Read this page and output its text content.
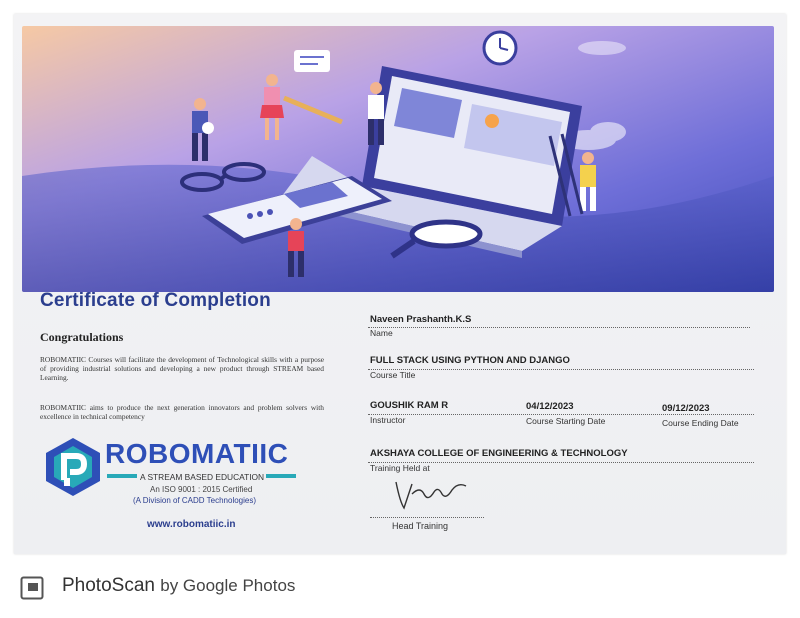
Certificate of Completion
Congratulations
ROBOMATIIC Courses will facilitate the development of Technological skills with a purpose of providing industrial solutions and developing a new product through STREAM based Learning.
ROBOMATIIC aims to produce the next generation innovators and problem solvers with excellence in technical competency
ROBOMATIIC
A STREAM BASED EDUCATION
An ISO 9001 : 2015 Certified
(A Division of CADD Technologies)
www.robomatiic.in
Naveen Prashanth.K.S
Name
FULL STACK USING PYTHON AND DJANGO
Course Title
GOUSHIK RAM R	04/12/2023	09/12/2023
Instructor	Course Starting Date	Course Ending Date
AKSHAYA COLLEGE OF ENGINEERING & TECHNOLOGY
Training Held at
Head Training
PhotoScan by Google Photos
